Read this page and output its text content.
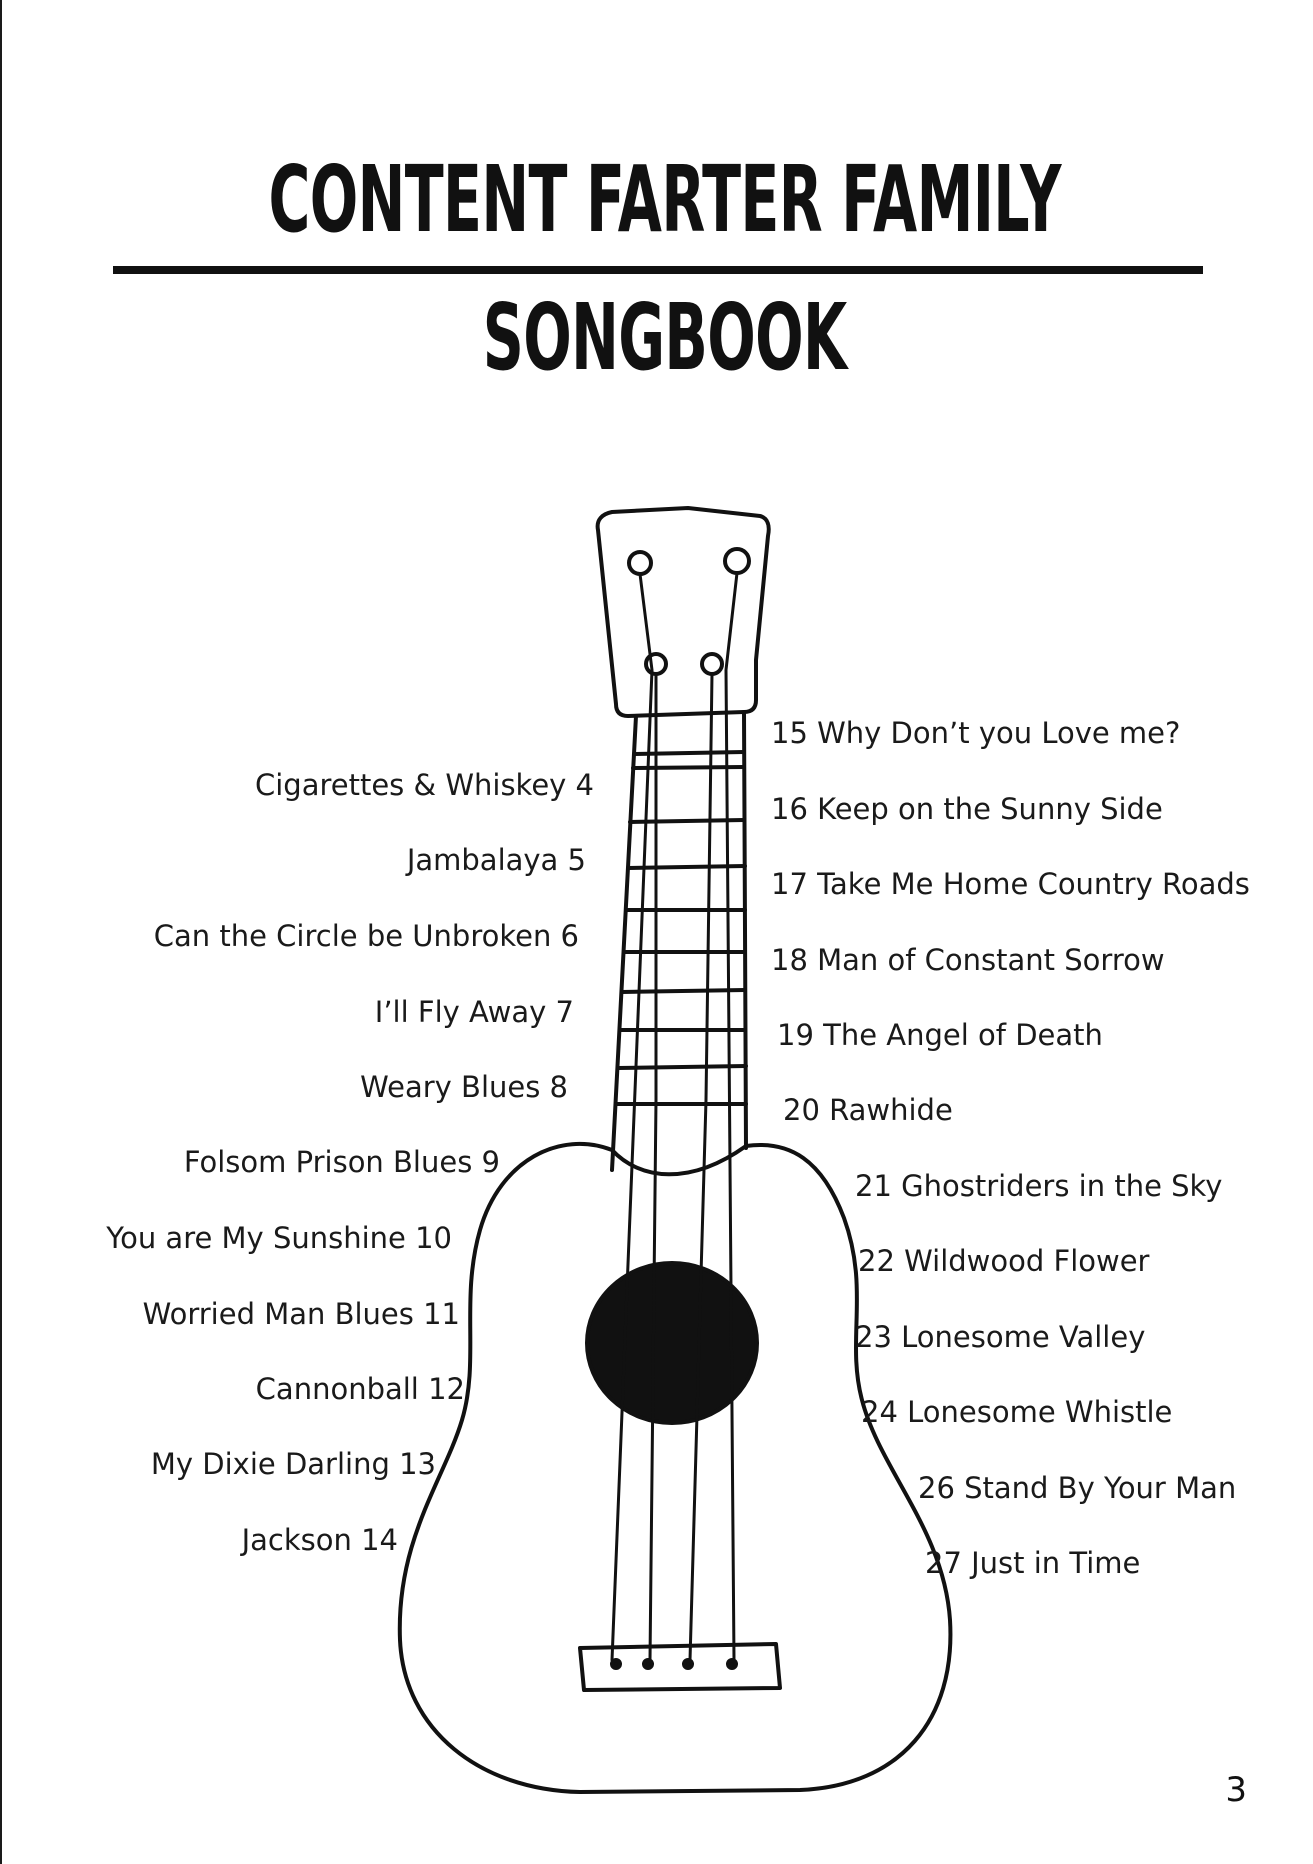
CONTENT FARTER FAMILY
SONGBOOK
Cigarettes & Whiskey 4
Jambalaya 5
Can the Circle be Unbroken 6
I’ll Fly Away 7
Weary Blues 8
Folsom Prison Blues 9
You are My Sunshine 10
Worried Man Blues 11
Cannonball 12
My Dixie Darling 13
Jackson 14
15 Why Don’t you Love me?
16 Keep on the Sunny Side
17 Take Me Home Country Roads
18 Man of Constant Sorrow
19 The Angel of Death
20 Rawhide
21 Ghostriders in the Sky
22 Wildwood Flower
23 Lonesome Valley
24 Lonesome Whistle
26 Stand By Your Man
27 Just in Time
3
